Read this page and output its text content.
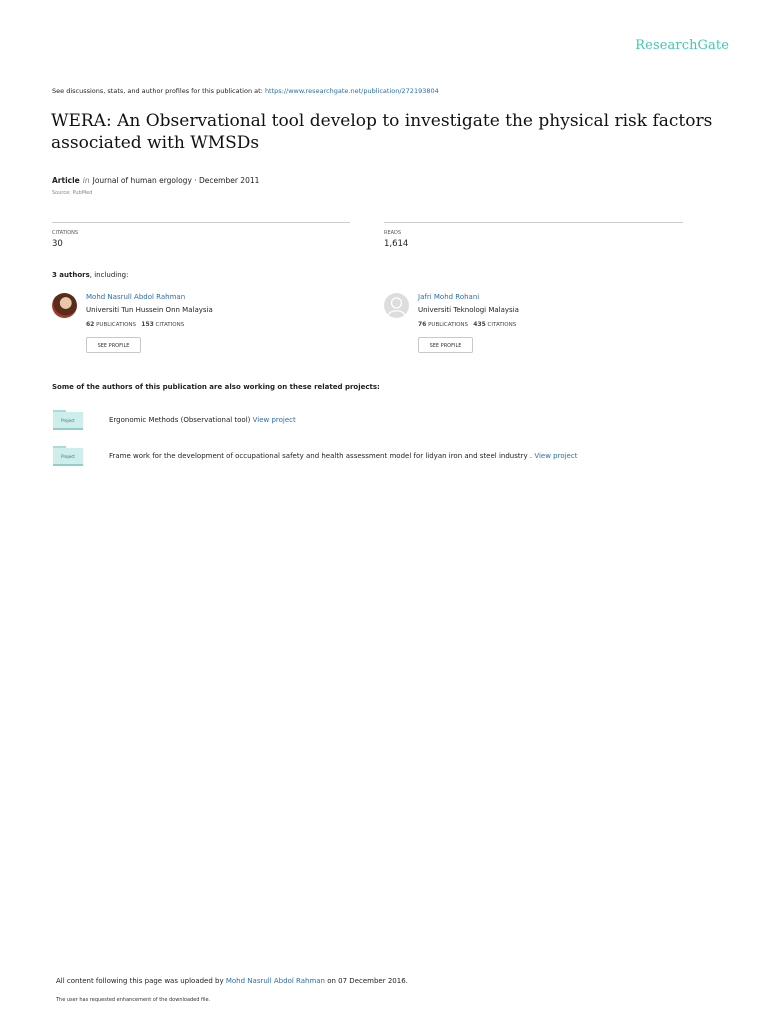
ResearchGate
See discussions, stats, and author profiles for this publication at: https://www.researchgate.net/publication/272193804
WERA: An Observational tool develop to investigate the physical risk factors associated with WMSDs
Article in Journal of human ergology · December 2011
Source: PubMed
CITATIONS
30
READS
1,614
3 authors, including:
Mohd Nasrull Abdol Rahman
Universiti Tun Hussein Onn Malaysia
62 PUBLICATIONS 153 CITATIONS
SEE PROFILE
Jafri Mohd Rohani
Universiti Teknologi Malaysia
76 PUBLICATIONS 435 CITATIONS
SEE PROFILE
Some of the authors of this publication are also working on these related projects:
Project	Ergonomic Methods (Observational tool) View project
Project	Frame work for the development of occupational safety and health assessment model for lidyan iron and steel industry . View project
All content following this page was uploaded by Mohd Nasrull Abdol Rahman on 07 December 2016.
The user has requested enhancement of the downloaded file.
